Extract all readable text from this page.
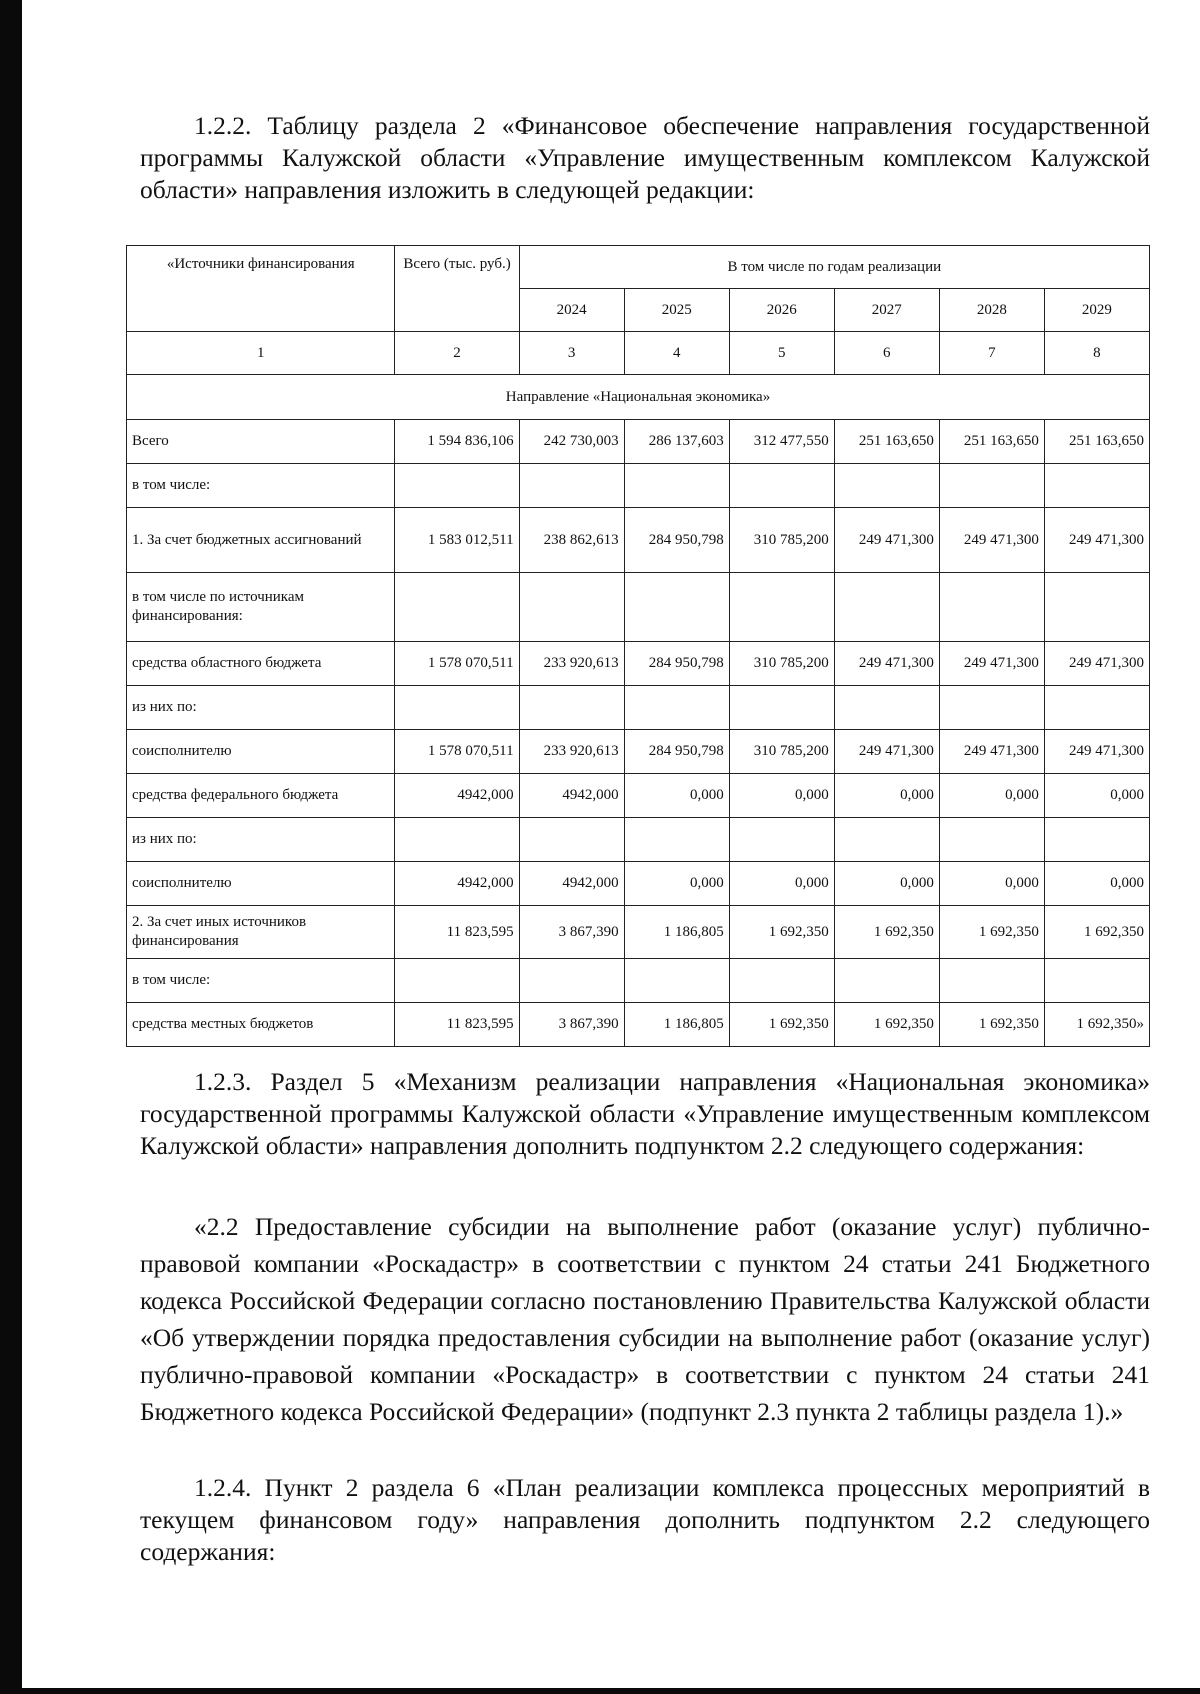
1.2.2. Таблицу раздела 2 «Финансовое обеспечение направления государственной программы Калужской области «Управление имущественным комплексом Калужской области» направления изложить в следующей редакции:

«Источники финансирования	Всего (тыс. руб.)	В том числе по годам реализации					
		2024	2025	2026	2027	2028	2029
1	2	3	4	5	6	7	8
Направление «Национальная экономика»							
Всего	1 594 836,106	242 730,003	286 137,603	312 477,550	251 163,650	251 163,650	251 163,650
в том числе:							
1. За счет бюджетных ассигнований	1 583 012,511	238 862,613	284 950,798	310 785,200	249 471,300	249 471,300	249 471,300
в том числе по источникам финансирования:							
средства областного бюджета	1 578 070,511	233 920,613	284 950,798	310 785,200	249 471,300	249 471,300	249 471,300
из них по:							
соисполнителю	1 578 070,511	233 920,613	284 950,798	310 785,200	249 471,300	249 471,300	249 471,300
средства федерального бюджета	4942,000	4942,000	0,000	0,000	0,000	0,000	0,000
из них по:							
соисполнителю	4942,000	4942,000	0,000	0,000	0,000	0,000	0,000
2. За счет иных источников финансирования	11 823,595	3 867,390	1 186,805	1 692,350	1 692,350	1 692,350	1 692,350
в том числе:							
средства местных бюджетов	11 823,595	3 867,390	1 186,805	1 692,350	1 692,350	1 692,350	1 692,350»

1.2.3. Раздел 5 «Механизм реализации направления «Национальная экономика» государственной программы Калужской области «Управление имущественным комплексом Калужской области» направления дополнить подпунктом 2.2 следующего содержания:

«2.2 Предоставление субсидии на выполнение работ (оказание услуг) публично-правовой компании «Роскадастр» в соответствии с пунктом 24 статьи 241 Бюджетного кодекса Российской Федерации согласно постановлению Правительства Калужской области «Об утверждении порядка предоставления субсидии на выполнение работ (оказание услуг) публично-правовой компании «Роскадастр» в соответствии с пунктом 24 статьи 241 Бюджетного кодекса Российской Федерации» (подпункт 2.3 пункта 2 таблицы раздела 1).»

1.2.4. Пункт 2 раздела 6 «План реализации комплекса процессных мероприятий в текущем финансовом году» направления дополнить подпунктом 2.2 следующего содержания:
